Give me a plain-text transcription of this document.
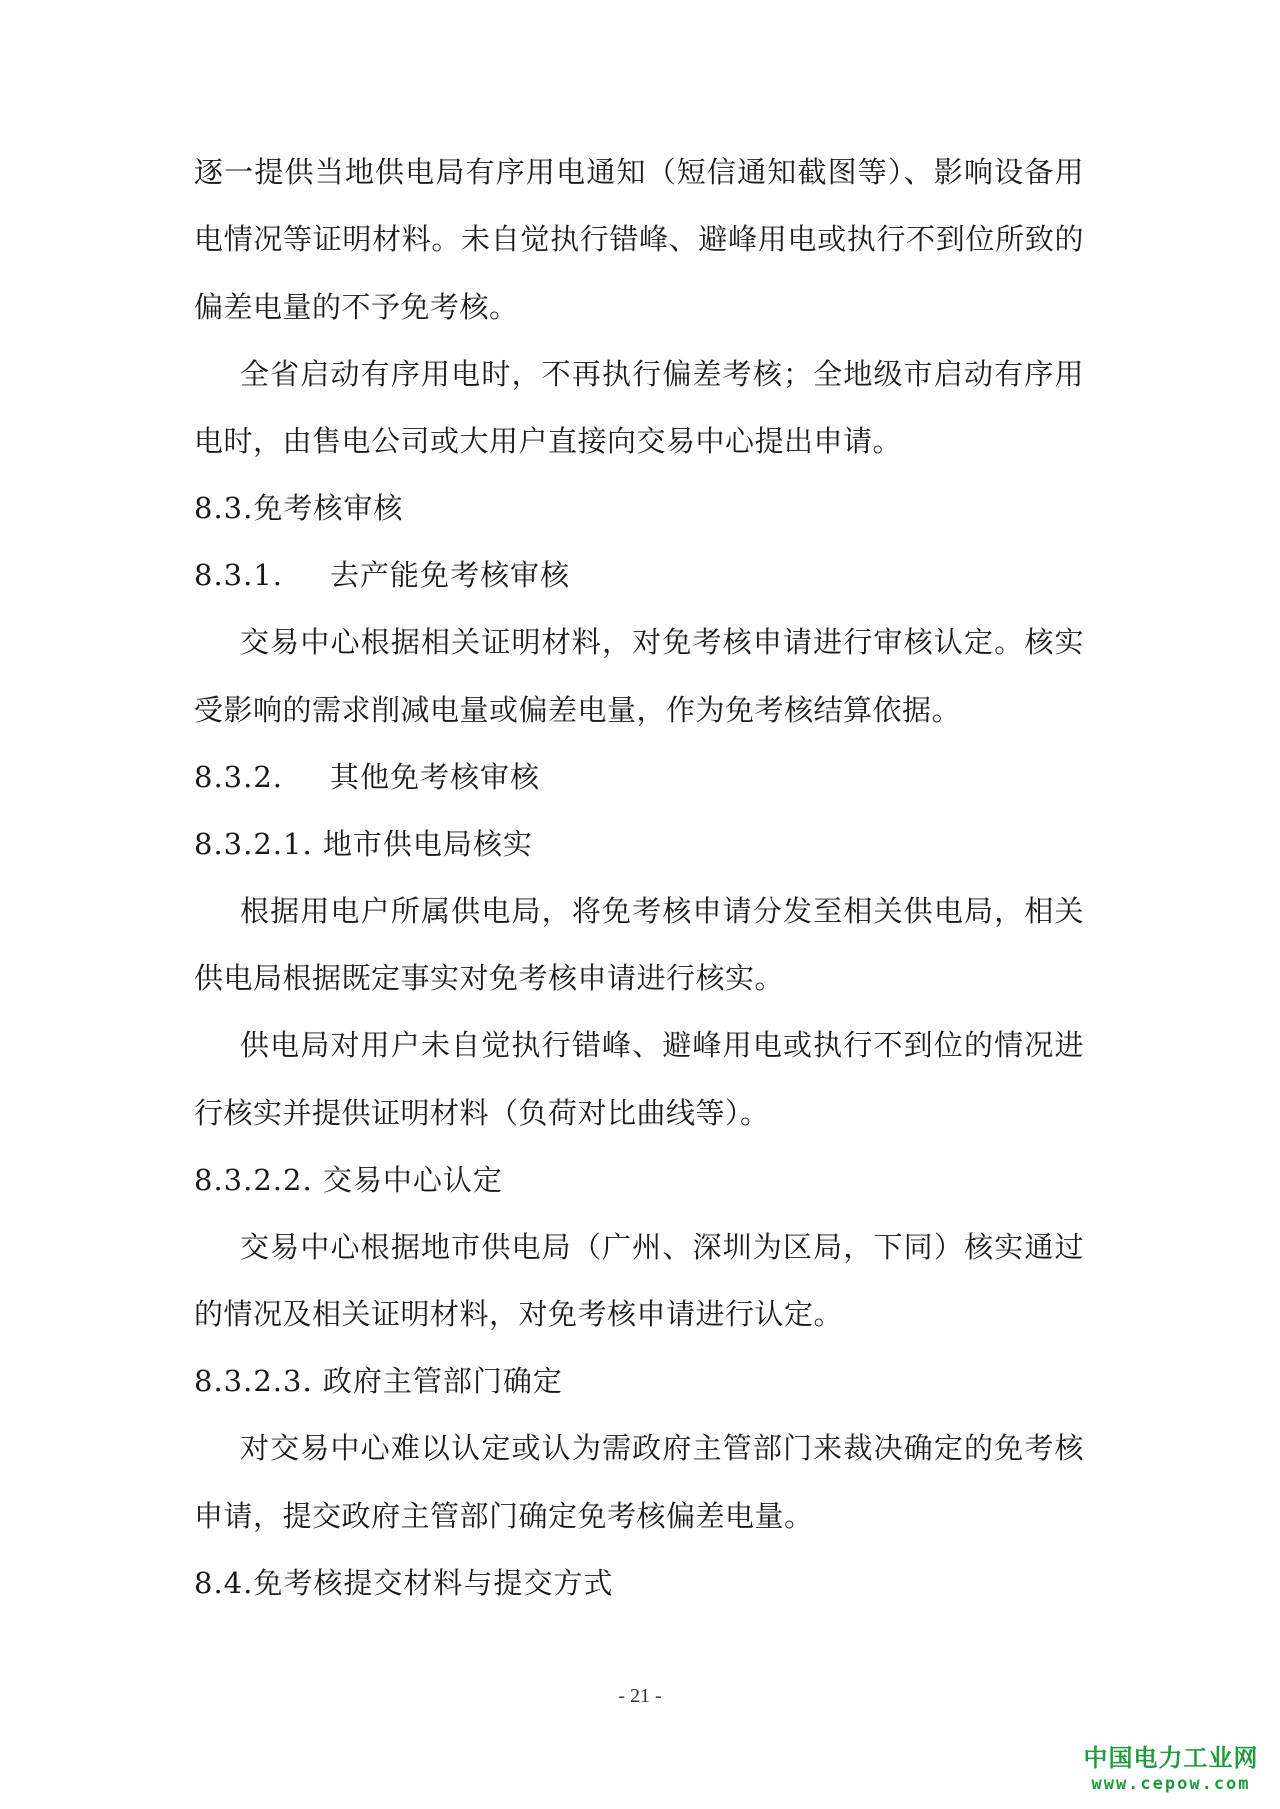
逐一提供当地供电局有序用电通知（短信通知截图等）、影响设备用
电情况等证明材料。未自觉执行错峰、避峰用电或执行不到位所致的
偏差电量的不予免考核。
全省启动有序用电时，不再执行偏差考核；全地级市启动有序用
电时，由售电公司或大用户直接向交易中心提出申请。
8.3.免考核审核
8.3.1. 去产能免考核审核
交易中心根据相关证明材料，对免考核申请进行审核认定。核实
受影响的需求削减电量或偏差电量，作为免考核结算依据。
8.3.2. 其他免考核审核
8.3.2.1. 地市供电局核实
根据用电户所属供电局，将免考核申请分发至相关供电局，相关
供电局根据既定事实对免考核申请进行核实。
供电局对用户未自觉执行错峰、避峰用电或执行不到位的情况进
行核实并提供证明材料（负荷对比曲线等）。
8.3.2.2. 交易中心认定
交易中心根据地市供电局（广州、深圳为区局，下同）核实通过
的情况及相关证明材料，对免考核申请进行认定。
8.3.2.3. 政府主管部门确定
对交易中心难以认定或认为需政府主管部门来裁决确定的免考核
申请，提交政府主管部门确定免考核偏差电量。
8.4.免考核提交材料与提交方式
- 21 -
中国电力工业网
www.cepow.com
